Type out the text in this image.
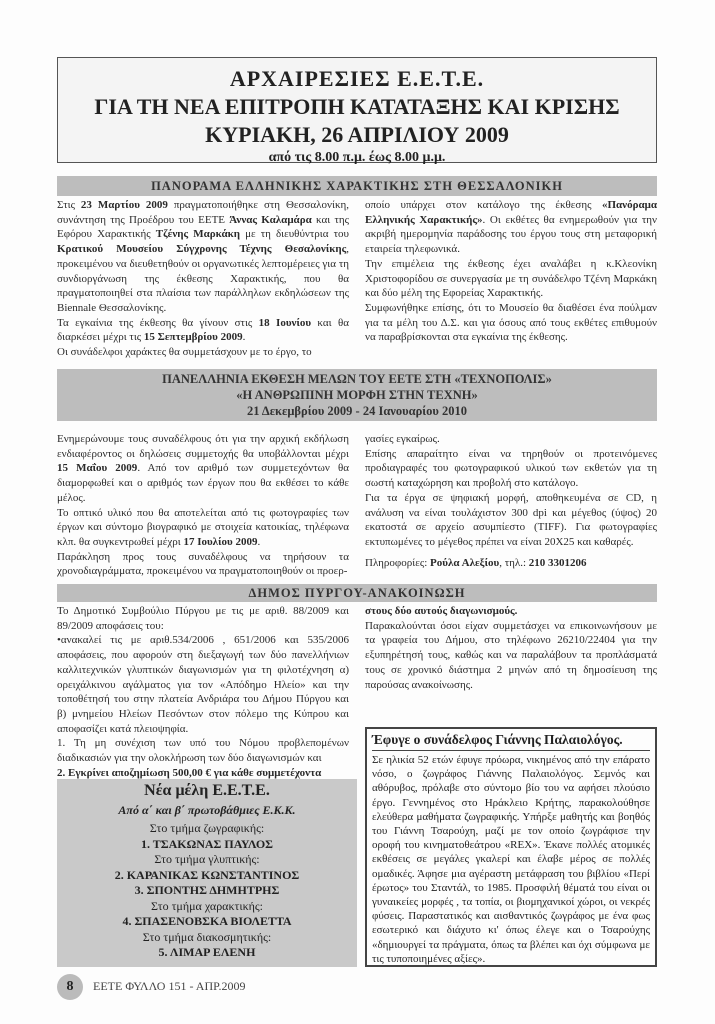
ΑΡΧΑΙΡΕΣΙΕΣ Ε.Ε.Τ.Ε.
ΓΙΑ ΤΗ ΝΕΑ ΕΠΙΤΡΟΠΗ ΚΑΤΑΤΑΞΗΣ ΚΑΙ ΚΡΙΣΗΣ
ΚΥΡΙΑΚΗ, 26 ΑΠΡΙΛΙΟΥ 2009
από τις 8.00 π.μ. έως 8.00 μ.μ.
ΠΑΝΟΡΑΜΑ ΕΛΛΗΝΙΚΗΣ ΧΑΡΑΚΤΙΚΗΣ ΣΤΗ ΘΕΣΣΑΛΟΝΙΚΗ

Στις 23 Μαρτίου 2009 πραγματοποιήθηκε στη Θεσσαλονίκη, συνάντηση της Προέδρου του ΕΕΤΕ Άννας Καλαμάρα και της Εφόρου Χαρακτικής Τζένης Μαρκάκη με τη διευθύντρια του Κρατικού Μουσείου Σύγχρονης Τέχνης Θεσαλονίκης, προκειμένου να διευθετηθούν οι οργανωτικές λεπτομέρειες για τη συνδιοργάνωση της έκθεσης Χαρακτικής, που θα πραγματοποιηθεί στα πλαίσια των παράλληλων εκδηλώσεων της Biennale Θεσσαλονίκης.

Τα εγκαίνια της έκθεσης θα γίνουν στις 18 Ιουνίου και θα διαρκέσει μέχρι τις 15 Σεπτεμβρίου 2009.

Οι συνάδελφοι χαράκτες θα συμμετάσχουν με το έργο, το

οποίο υπάρχει στον κατάλογο της έκθεσης «Πανόραμα Ελληνικής Χαρακτικής». Οι εκθέτες θα ενημερωθούν για την ακριβή ημερομηνία παράδοσης του έργου τους στη μεταφορική εταιρεία τηλεφωνικά.

Την επιμέλεια της έκθεσης έχει αναλάβει η κ.Κλεονίκη Χριστοφορίδου σε συνεργασία με τη συνάδελφο Τζένη Μαρκάκη και δύο μέλη της Εφορείας Χαρακτικής.

Συμφωνήθηκε επίσης, ότι το Μουσείο θα διαθέσει ένα πούλμαν για τα μέλη του Δ.Σ. και για όσους από τους εκθέτες επιθυμούν να παραβρίσκονται στα εγκαίνια της έκθεσης.

ΠΑΝΕΛΛΗΝΙΑ ΕΚΘΕΣΗ ΜΕΛΩΝ ΤΟΥ ΕΕΤΕ ΣΤΗ «ΤΕΧΝΟΠΟΛΙΣ»
«Η ΑΝΘΡΩΠΙΝΗ ΜΟΡΦΗ ΣΤΗΝ ΤΕΧΝΗ»
21 Δεκεμβρίου 2009 - 24 Ιανουαρίου 2010

Ενημερώνουμε τους συναδέλφους ότι για την αρχική εκδήλωση ενδιαφέροντος οι δηλώσεις συμμετοχής θα υποβάλλονται μέχρι 15 Μαΐου 2009. Από τον αριθμό των συμμετεχόντων θα διαμορφωθεί και ο αριθμός των έργων που θα εκθέσει το κάθε μέλος.

Το οπτικό υλικό που θα αποτελείται από τις φωτογραφίες των έργων και σύντομο βιογραφικό με στοιχεία κατοικίας, τηλέφωνα κλπ. θα συγκεντρωθεί μέχρι 17 Ιουλίου 2009.

Παράκληση προς τους συναδέλφους να τηρήσουν τα χρονοδιαγράμματα, προκειμένου να πραγματοποιηθούν οι προερ-

γασίες εγκαίρως.

Επίσης απαραίτητο είναι να τηρηθούν οι προτεινόμενες προδιαγραφές του φωτογραφικού υλικού των εκθετών για τη σωστή καταχώρηση και προβολή στο κατάλογο.

Για τα έργα σε ψηφιακή μορφή, αποθηκευμένα σε CD, η ανάλυση να είναι τουλάχιστον 300 dpi και μέγεθος (ύψος) 20 εκατοστά σε αρχείο ασυμπίεστο (TIFF). Για φωτογραφίες εκτυπωμένες το μέγεθος πρέπει να είναι 20Χ25 και καθαρές.

Πληροφορίες: Ρούλα Αλεξίου, τηλ.: 210 3301206

ΔΗΜΟΣ ΠΥΡΓΟΥ-ΑΝΑΚΟΙΝΩΣΗ

Το Δημοτικό Συμβούλιο Πύργου με τις με αριθ. 88/2009 και 89/2009 αποφάσεις του:

•ανακαλεί τις με αριθ.534/2006 , 651/2006 και 535/2006 αποφάσεις, που αφορούν στη διεξαγωγή των δύο πανελλήνιων καλλιτεχνικών γλυπτικών διαγωνισμών για τη φιλοτέχνηση α) ορειχάλκινου αγάλματος για τον «Απόδημο Ηλείο» και την τοποθέτησή του στην πλατεία Ανδριάρα του Δήμου Πύργου και β) μνημείου Ηλείων Πεσόντων στον πόλεμο της Κύπρου και αποφασίζει κατά πλειοψηφία.

1. Τη μη συνέχιση των υπό του Νόμου προβλεπομένων διαδικασιών για την ολοκλήρωση των δύο διαγωνισμών και

2. Εγκρίνει αποζημίωση 500,00 € για κάθε συμμετέχοντα

στους δύο αυτούς διαγωνισμούς.

Παρακαλούνται όσοι είχαν συμμετάσχει να επικοινωνήσουν με τα γραφεία του Δήμου, στο τηλέφωνο 26210/22404 για την εξυπηρέτησή τους, καθώς και να παραλάβουν τα προπλάσματά τους σε χρονικό διάστημα 2 μηνών από τη δημοσίευση της παρούσας ανακοίνωσης.

Νέα μέλη Ε.Ε.Τ.Ε.
Από α΄ και β΄ πρωτοβάθμιες Ε.Κ.Κ.
Στο τμήμα ζωγραφικής:
1. ΤΣΑΚΩΝΑΣ ΠΑΥΛΟΣ
Στο τμήμα γλυπτικής:
2. ΚΑΡΑΝΙΚΑΣ ΚΩΝΣΤΑΝΤΙΝΟΣ
3. ΣΠΟΝΤΗΣ ΔΗΜΗΤΡΗΣ
Στο τμήμα χαρακτικής:
4. ΣΠΑΣΕΝΟΒΣΚΑ ΒΙΟΛΕΤΤΑ
Στο τμήμα διακοσμητικής:
5. ΛΙΜΑΡ ΕΛΕΝΗ
Έφυγε ο συνάδελφος Γιάννης Παλαιολόγος.
Σε ηλικία 52 ετών έφυγε πρόωρα, νικημένος από την επάρατο νόσο, ο ζωγράφος Γιάννης Παλαιολόγος. Σεμνός και αθόρυβος, πρόλαβε στο σύντομο βίο του να αφήσει πλούσιο έργο. Γεννημένος στο Ηράκλειο Κρήτης, παρακολούθησε ελεύθερα μαθήματα ζωγραφικής. Υπήρξε μαθητής και βοηθός του Γιάννη Τσαρούχη, μαζί με τον οποίο ζωγράφισε την οροφή του κινηματοθεάτρου «REX». Έκανε πολλές ατομικές εκθέσεις σε μεγάλες γκαλερί και έλαβε μέρος σε πολλές ομαδικές. Άφησε μια αγέραστη μετάφραση του βιβλίου «Περί έρωτος» του Σταντάλ, το 1985. Προσφιλή θέματά του είναι οι γυναικείες μορφές , τα τοπία, οι βιομηχανικοί χώροι, οι νεκρές φύσεις. Παραστατικός και αισθαντικός ζωγράφος με ένα φως εσωτερικό και διάχυτο κι' όπως έλεγε και ο Τσαρούχης «δημιουργεί τα πράγματα, όπως τα βλέπει και όχι σύμφωνα με τις τυποποιημένες αξίες».
8	ΕΕΤΕ ΦΥΛΛΟ 151 - ΑΠΡ.2009
